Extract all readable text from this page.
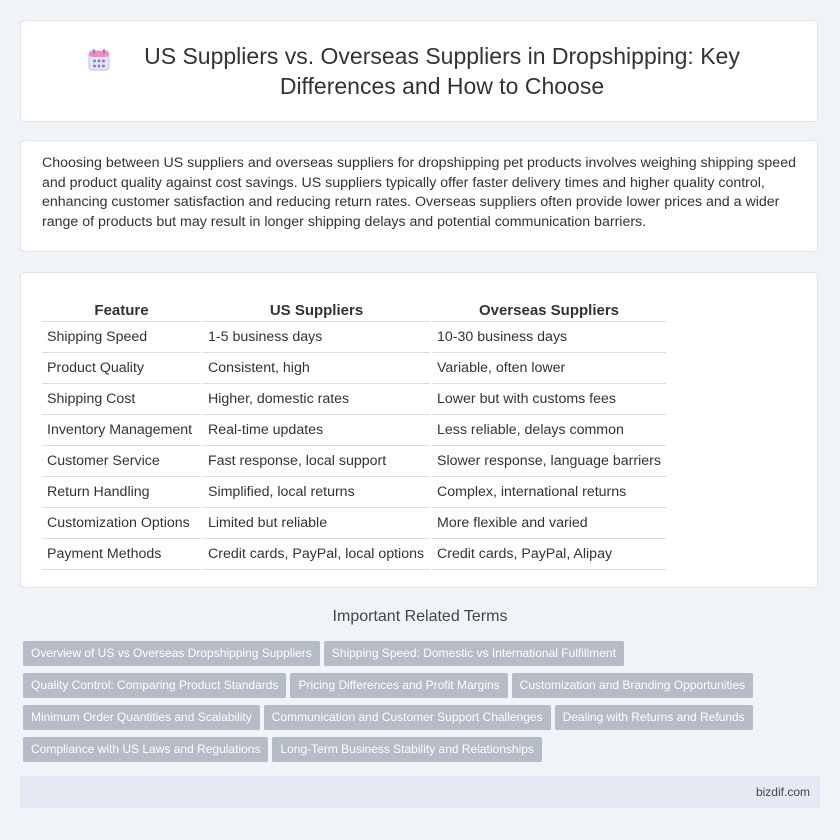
US Suppliers vs. Overseas Suppliers in Dropshipping: Key Differences and How to Choose

Choosing between US suppliers and overseas suppliers for dropshipping pet products involves weighing shipping speed and product quality against cost savings. US suppliers typically offer faster delivery times and higher quality control, enhancing customer satisfaction and reducing return rates. Overseas suppliers often provide lower prices and a wider range of products but may result in longer shipping delays and potential communication barriers.

Feature	US Suppliers	Overseas Suppliers
Shipping Speed	1-5 business days	10-30 business days
Product Quality	Consistent, high	Variable, often lower
Shipping Cost	Higher, domestic rates	Lower but with customs fees
Inventory Management	Real-time updates	Less reliable, delays common
Customer Service	Fast response, local support	Slower response, language barriers
Return Handling	Simplified, local returns	Complex, international returns
Customization Options	Limited but reliable	More flexible and varied
Payment Methods	Credit cards, PayPal, local options	Credit cards, PayPal, Alipay
Important Related Terms
Overview of US vs Overseas Dropshipping Suppliers Shipping Speed: Domestic vs International Fulfillment
Quality Control: Comparing Product Standards Pricing Differences and Profit Margins Customization and Branding Opportunities
Minimum Order Quantities and Scalability Communication and Customer Support Challenges Dealing with Returns and Refunds
Compliance with US Laws and Regulations Long-Term Business Stability and Relationships
bizdif.com
